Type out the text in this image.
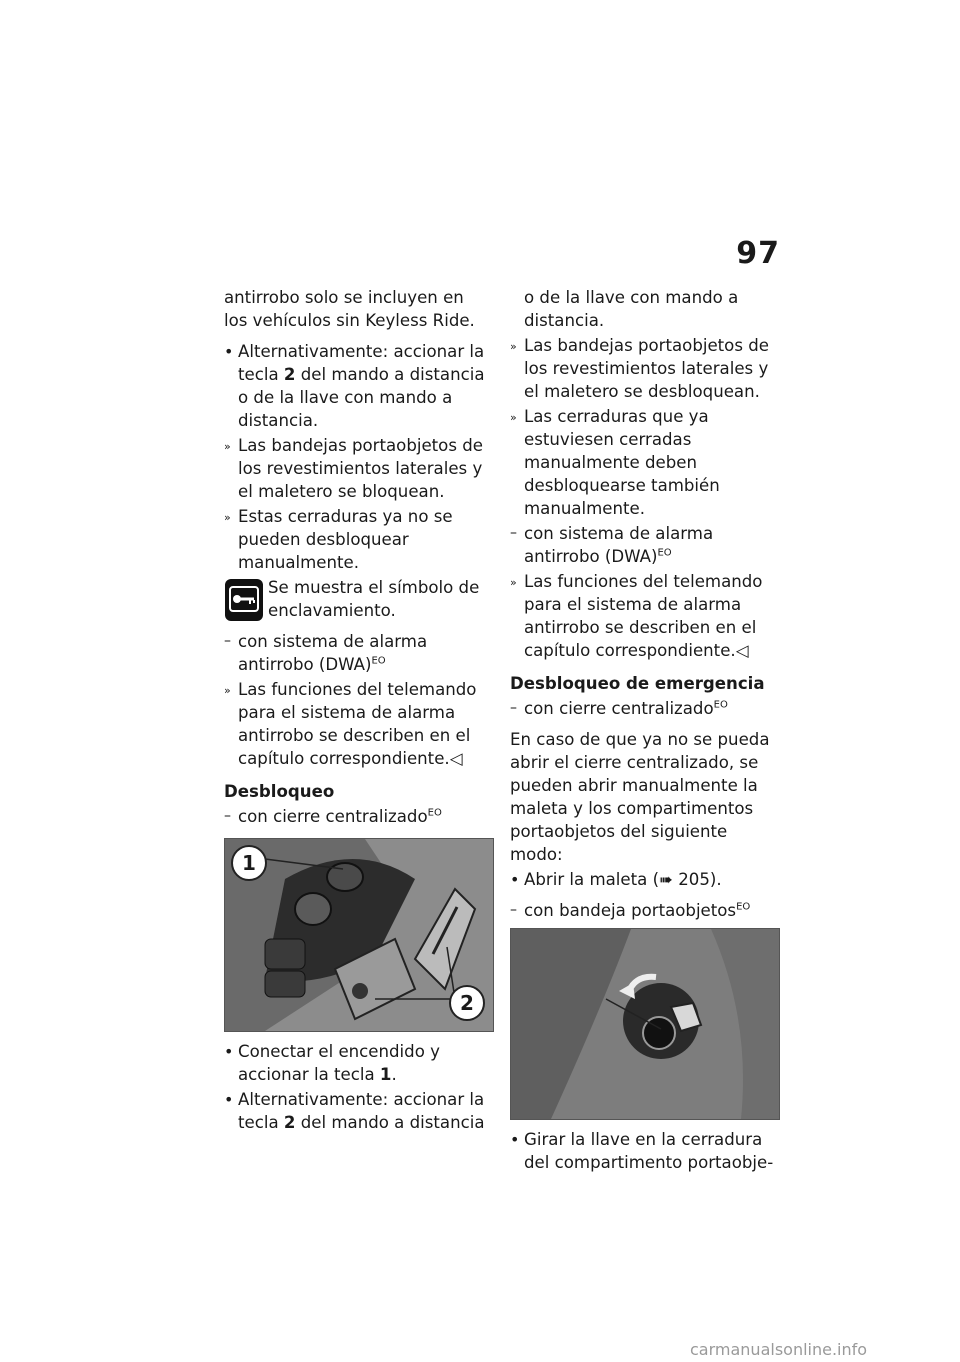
97

antirrobo solo se incluyen en los vehículos sin Keyless Ride.

• Alternativamente: accionar la tecla 2 del mando a distancia o de la llave con mando a distancia.
» Las bandejas portaobjetos de los revestimientos laterales y el maletero se bloquean.
» Estas cerraduras ya no se pueden desbloquear manualmente.
Se muestra el símbolo de enclavamiento.
– con sistema de alarma antirrobo (DWA)$^{EO}$
» Las funciones del telemando para el sistema de alarma antirrobo se describen en el capítulo correspondiente.◁
Desbloqueo
– con cierre centralizado$^{EO}$
1
2
• Conectar el encendido y accionar la tecla 1.
• Alternativamente: accionar la tecla 2 del mando a distancia
o de la llave con mando a distancia.
» Las bandejas portaobjetos de los revestimientos laterales y el maletero se desbloquean.
» Las cerraduras que ya estuviesen cerradas manualmente deben desbloquearse también manualmente.
– con sistema de alarma antirrobo (DWA)$^{EO}$
» Las funciones del telemando para el sistema de alarma antirrobo se describen en el capítulo correspondiente.◁
Desbloqueo de emergencia
– con cierre centralizado$^{EO}$

En caso de que ya no se pueda abrir el cierre centralizado, se pueden abrir manualmente la maleta y los compartimentos portaobjetos del siguiente modo:

• Abrir la maleta (➠ 205).
– con bandeja portaobjetos$^{EO}$
• Girar la llave en la cerradura del compartimento portaobje-
carmanualsonline.info
